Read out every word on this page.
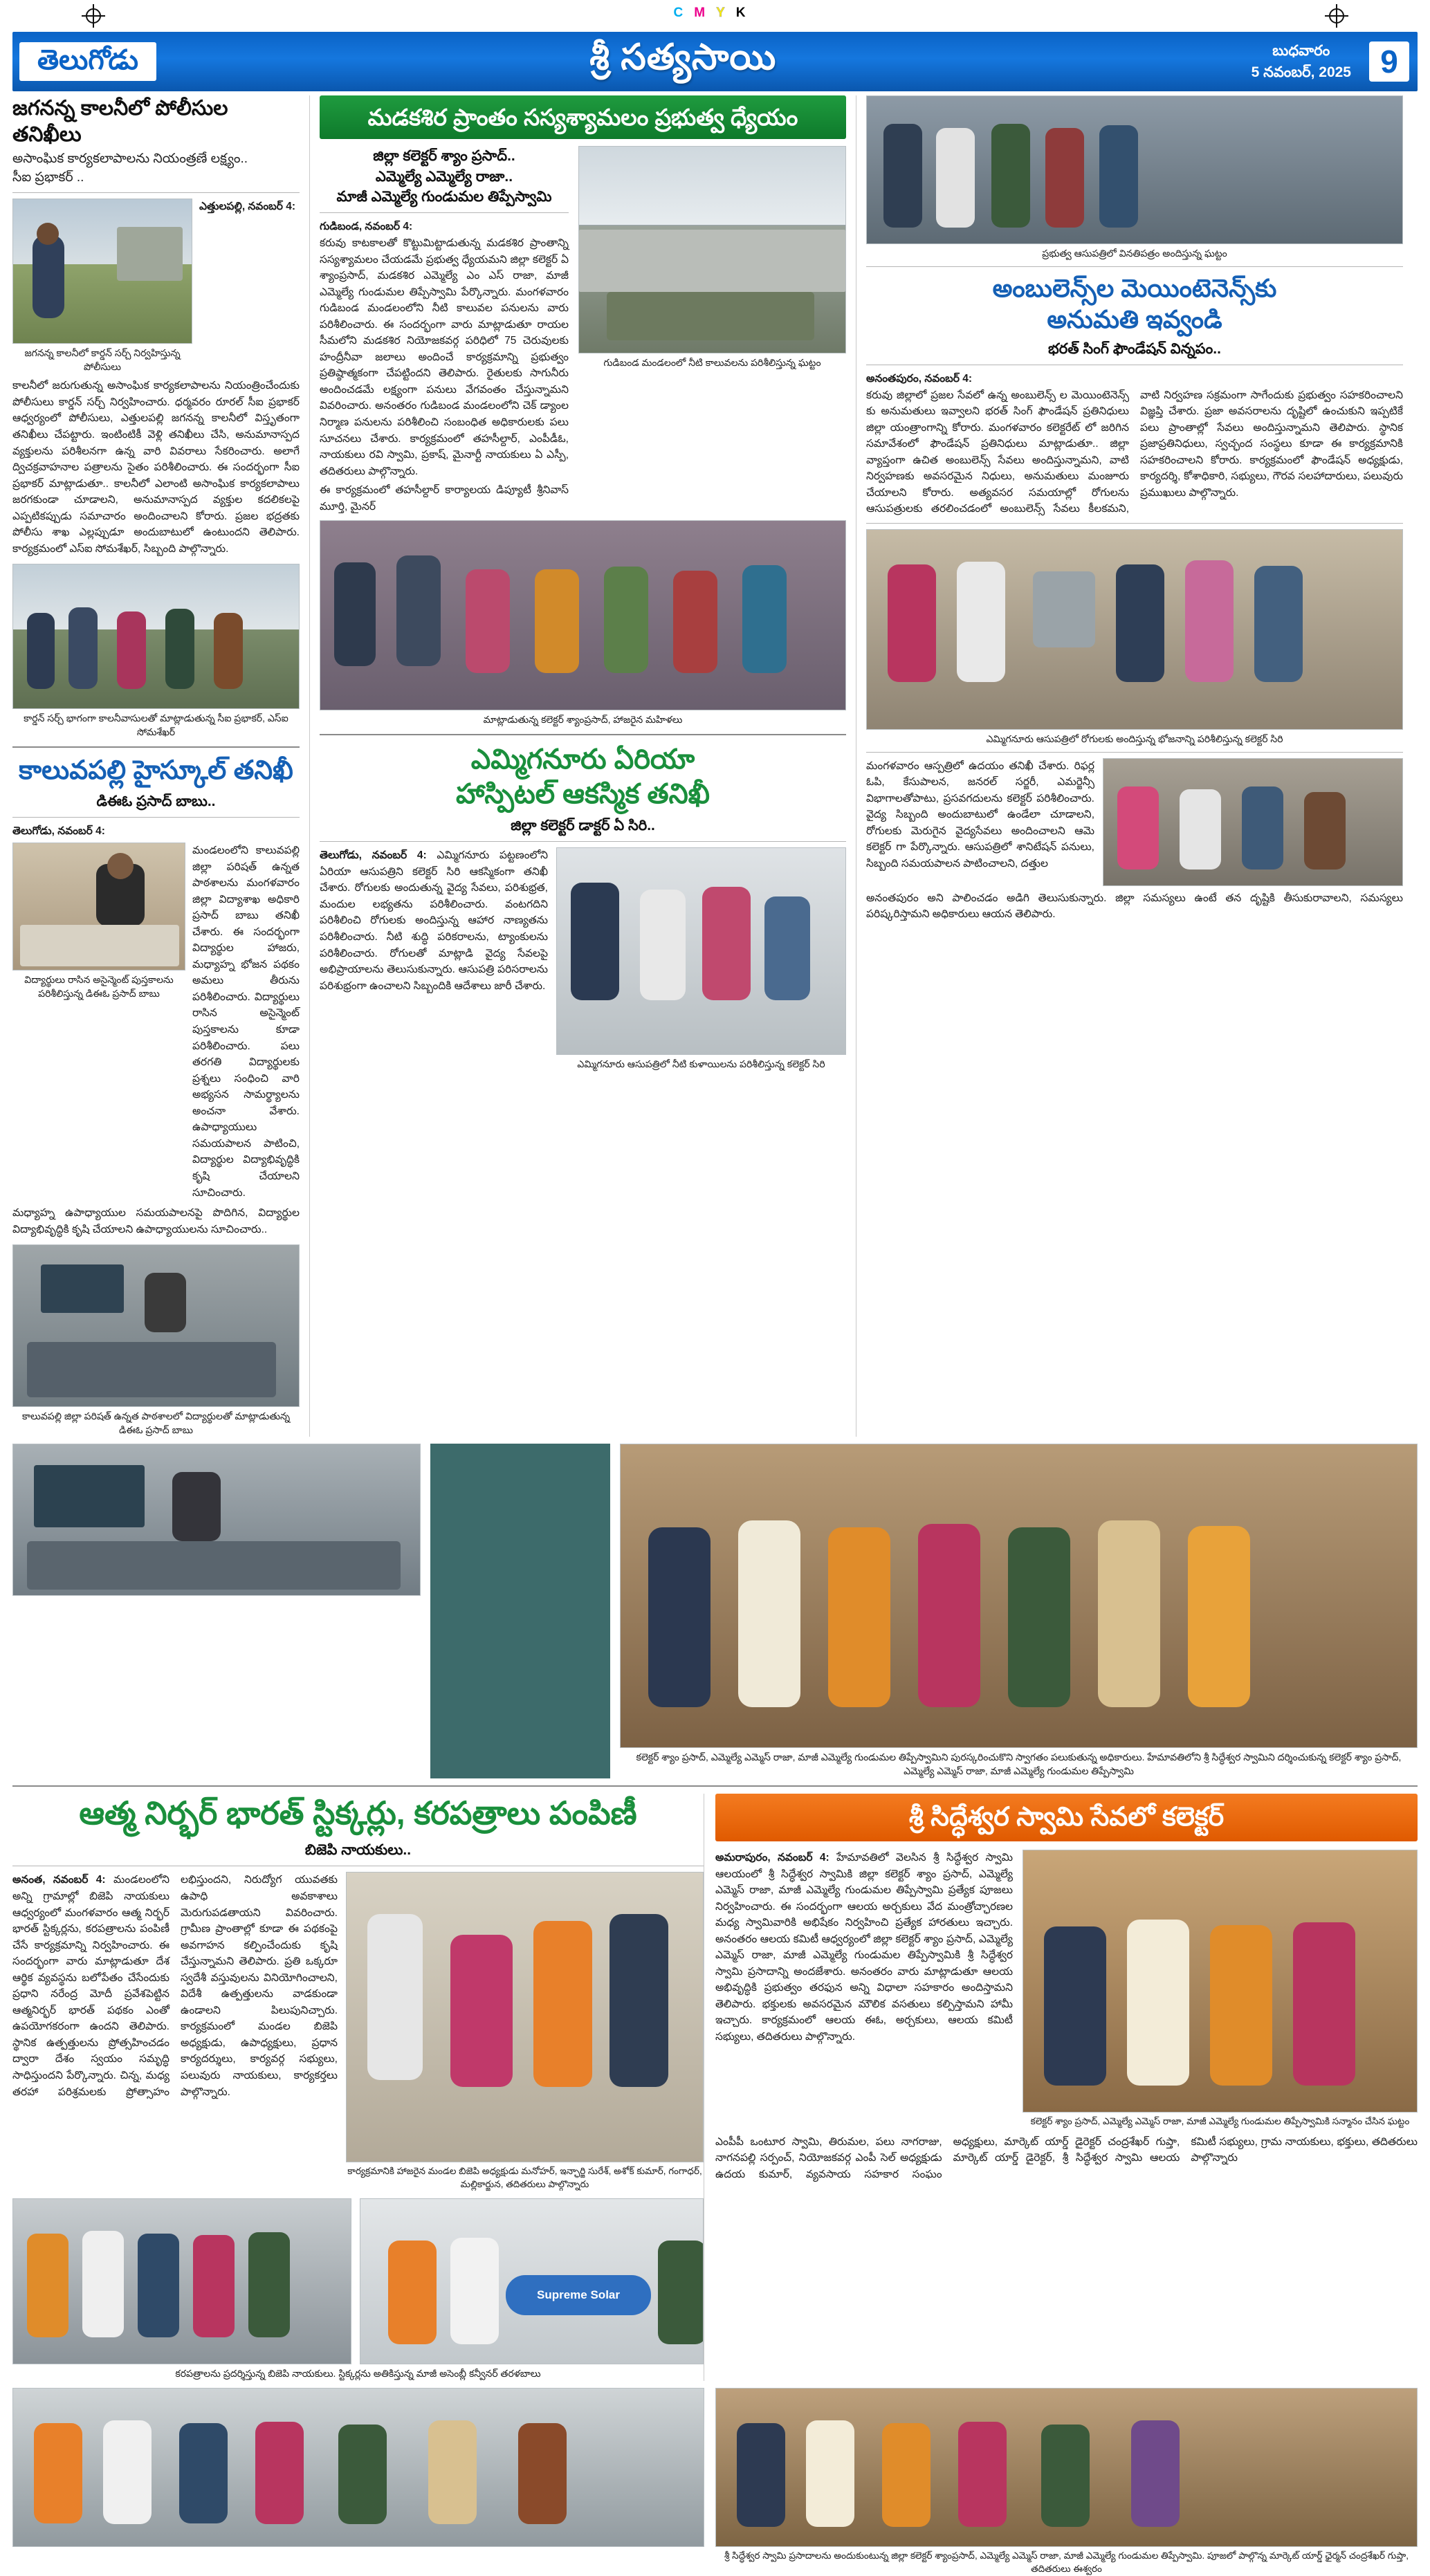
CMYK
తెలుగోడు	శ్రీ సత్యసాయి	బుధవారం
5 నవంబర్, 2025 9
జగనన్న కాలనీలో పోలీసుల తనిఖీలు
అసాంఘిక కార్యకలాపాలను నియంత్రణే లక్ష్యం..
సీఐ ప్రభాకర్ ..
జగనన్న కాలనీలో కార్డన్ సర్చ్ నిర్వహిస్తున్న పోలీసులు
ఎత్తులపల్లి, నవంబర్ 4:
కాలనీలో జరుగుతున్న అసాంఘిక కార్యకలాపాలను నియంత్రించేందుకు పోలీసులు కార్డన్ సర్చ్ నిర్వహించారు. ధర్మవరం రూరల్ సీఐ ప్రభాకర్ ఆధ్వర్యంలో పోలీసులు, ఎత్తులపల్లి జగనన్న కాలనీలో విస్తృతంగా తనిఖీలు చేపట్టారు. ఇంటింటికీ వెళ్లి తనిఖీలు చేసి, అనుమానాస్పద వ్యక్తులను పరిశీలనగా ఉన్న వారి వివరాలు సేకరించారు. అలాగే ద్విచక్రవాహనాల పత్రాలను సైతం పరిశీలించారు. ఈ సందర్భంగా సీఐ ప్రభాకర్ మాట్లాడుతూ.. కాలనీలో ఎలాంటి అసాంఘిక కార్యకలాపాలు జరగకుండా చూడాలని, అనుమానాస్పద వ్యక్తుల కదలికలపై ఎప్పటికప్పుడు సమాచారం అందించాలని కోరారు. ప్రజల భద్రతకు పోలీసు శాఖ ఎల్లప్పుడూ అందుబాటులో ఉంటుందని తెలిపారు. కార్యక్రమంలో ఎస్ఐ సోమశేఖర్, సిబ్బంది పాల్గొన్నారు.
కార్డన్ సర్చ్ భాగంగా కాలనీవాసులతో మాట్లాడుతున్న సీఐ ప్రభాకర్, ఎస్ఐ సోమశేఖర్
కాలువపల్లి హైస్కూల్ తనిఖీ
డిఈఓ ప్రసాద్ బాబు..
తెలుగోడు, నవంబర్ 4:
విద్యార్థులు రాసిన అసైన్మెంట్ పుస్తకాలను పరిశీలిస్తున్న డిఈఓ ప్రసాద్ బాబు
మండలంలోని కాలువపల్లి జిల్లా పరిషత్ ఉన్నత పాఠశాలను మంగళవారం జిల్లా విద్యాశాఖ అధికారి ప్రసాద్ బాబు తనిఖీ చేశారు. ఈ సందర్భంగా విద్యార్థుల హాజరు, మధ్యాహ్న భోజన పథకం అమలు తీరును పరిశీలించారు. విద్యార్థులు రాసిన అసైన్మెంట్ పుస్తకాలను కూడా పరిశీలించారు. పలు తరగతి విద్యార్థులకు ప్రశ్నలు సంధించి వారి అభ్యసన సామర్థ్యాలను అంచనా వేశారు. ఉపాధ్యాయులు సమయపాలన పాటించి, విద్యార్థుల విద్యాభివృద్ధికి కృషి చేయాలని సూచించారు.
మధ్యాహ్న ఉపాధ్యాయుల సమయపాలనపై పొదిగిన, విద్యార్థుల విద్యాభివృద్ధికి కృషి చేయాలని ఉపాధ్యాయులను సూచించారు..
కాలువపల్లి జిల్లా పరిషత్ ఉన్నత పాఠశాలలో విద్యార్థులతో మాట్లాడుతున్న డిఈఓ ప్రసాద్ బాబు
మడకశిర ప్రాంతం సస్యశ్యామలం ప్రభుత్వ ధ్యేయం
జిల్లా కలెక్టర్ శ్యాం ప్రసాద్..
ఎమ్మెల్యే ఎమ్మెల్యే రాజా..
మాజీ ఎమ్మెల్యే గుండుమల తిప్పేస్వామి
గుడిబండ, నవంబర్ 4:
కరువు కాటకాలతో కొట్టుమిట్టాడుతున్న మడకశిర ప్రాంతాన్ని సస్యశ్యామలం చేయడమే ప్రభుత్వ ధ్యేయమని జిల్లా కలెక్టర్ ఏ శ్యాంప్రసాద్, మడకశిర ఎమ్మెల్యే ఎం ఎస్ రాజా, మాజీ ఎమ్మెల్యే గుండుమల తిప్పేస్వామి పేర్కొన్నారు. మంగళవారం గుడిబండ మండలంలోని నీటి కాలువల పనులను వారు పరిశీలించారు. ఈ సందర్భంగా వారు మాట్లాడుతూ రాయల సీమలోని మడకశిర నియోజకవర్గ పరిధిలో 75 చెరువులకు హంద్రీనీవా జలాలు అందించే కార్యక్రమాన్ని ప్రభుత్వం ప్రతిష్ఠాత్మకంగా చేపట్టిందని తెలిపారు. రైతులకు సాగునీరు అందించడమే లక్ష్యంగా పనులు వేగవంతం చేస్తున్నామని వివరించారు. అనంతరం గుడిబండ మండలంలోని చెక్ డ్యాంల నిర్మాణ పనులను పరిశీలించి సంబంధిత అధికారులకు పలు సూచనలు చేశారు. కార్యక్రమంలో తహసీల్దార్, ఎంపీడీఓ, నాయకులు రవి స్వామి, ప్రకాష్, మైనార్టీ నాయకులు ఏ ఎస్పీ, తదితరులు పాల్గొన్నారు.
ఈ కార్యక్రమంలో తహసీల్దార్ కార్యాలయ డిప్యూటీ శ్రీనివాస్ మూర్తి, మైనర్
గుడిబండ మండలంలో నీటి కాలువలను పరిశీలిస్తున్న ఘట్టం
మాట్లాడుతున్న కలెక్టర్ శ్యాంప్రసాద్, హాజరైన మహిళలు
ఎమ్మిగనూరు ఏరియా
హాస్పిటల్ ఆకస్మిక తనిఖీ
జిల్లా కలెక్టర్ డాక్టర్ ఏ సిరి..
తెలుగోడు, నవంబర్ 4: ఎమ్మిగనూరు పట్టణంలోని ఏరియా ఆసుపత్రిని కలెక్టర్ సిరి ఆకస్మికంగా తనిఖీ చేశారు. రోగులకు అందుతున్న వైద్య సేవలు, పరిశుభ్రత, మందుల లభ్యతను పరిశీలించారు. వంటగదిని పరిశీలించి రోగులకు అందిస్తున్న ఆహార నాణ్యతను పరిశీలించారు. నీటి శుద్ధి పరికరాలను, ట్యాంకులను పరిశీలించారు. రోగులతో మాట్లాడి వైద్య సేవలపై అభిప్రాయాలను తెలుసుకున్నారు. ఆసుపత్రి పరిసరాలను పరిశుభ్రంగా ఉంచాలని సిబ్బందికి ఆదేశాలు జారీ చేశారు.
ఎమ్మిగనూరు ఆసుపత్రిలో నీటి కుళాయిలను పరిశీలిస్తున్న కలెక్టర్ సిరి
ప్రభుత్వ ఆసుపత్రిలో వినతిపత్రం అందిస్తున్న ఘట్టం
అంబులెన్స్‌ల మెయింటెనెన్స్‌కు
అనుమతి ఇవ్వండి
భరత్ సింగ్ ఫౌండేషన్ విన్నపం..
అనంతపురం, నవంబర్ 4:
కరువు జిల్లాలో ప్రజల సేవలో ఉన్న అంబులెన్స్ ల మెయింటెనెన్స్ కు అనుమతులు ఇవ్వాలని భరత్ సింగ్ ఫౌండేషన్ ప్రతినిధులు జిల్లా యంత్రాంగాన్ని కోరారు. మంగళవారం కలెక్టరేట్ లో జరిగిన సమావేశంలో ఫౌండేషన్ ప్రతినిధులు మాట్లాడుతూ.. జిల్లా వ్యాప్తంగా ఉచిత అంబులెన్స్ సేవలు అందిస్తున్నామని, వాటి నిర్వహణకు అవసరమైన నిధులు, అనుమతులు మంజూరు చేయాలని కోరారు. అత్యవసర సమయాల్లో రోగులను ఆసుపత్రులకు తరలించడంలో అంబులెన్స్ సేవలు కీలకమని, వాటి నిర్వహణ సక్రమంగా సాగేందుకు ప్రభుత్వం సహకరించాలని విజ్ఞప్తి చేశారు. ప్రజా అవసరాలను దృష్టిలో ఉంచుకుని ఇప్పటికే పలు ప్రాంతాల్లో సేవలు అందిస్తున్నామని తెలిపారు. స్థానిక ప్రజాప్రతినిధులు, స్వచ్ఛంద సంస్థలు కూడా ఈ కార్యక్రమానికి సహకరించాలని కోరారు. కార్యక్రమంలో ఫౌండేషన్ అధ్యక్షుడు, కార్యదర్శి, కోశాధికారి, సభ్యులు, గౌరవ సలహాదారులు, పలువురు ప్రముఖులు పాల్గొన్నారు.
ఎమ్మిగనూరు ఆసుపత్రిలో రోగులకు అందిస్తున్న భోజనాన్ని పరిశీలిస్తున్న కలెక్టర్ సిరి
మంగళవారం ఆస్పత్రిలో ఉదయం తనిఖీ చేశారు. రిఫర్ల ఓపి, కేసుపాలన, జనరల్ సర్జరీ, ఎమర్జెన్సీ విభాగాలతోపాటు, ప్రసవగదులను కలెక్టర్ పరిశీలించారు. వైద్య సిబ్బంది అందుబాటులో ఉండేలా చూడాలని, రోగులకు మెరుగైన వైద్యసేవలు అందించాలని ఆమె కలెక్టర్ గా పేర్కొన్నారు. ఆసుపత్రిలో శానిటేషన్ పనులు, సిబ్బంది సమయపాలన పాటించాలని, దత్తుల
అనంతపురం అని పాలించడం అడిగి తెలుసుకున్నారు. జిల్లా సమస్యలు ఉంటే తన దృష్టికి తీసుకురావాలని, సమస్యలు పరిష్కరిస్తామని అధికారులు ఆయన తెలిపారు.
కలెక్టర్ శ్యాం ప్రసాద్, ఎమ్మెల్యే ఎమ్మెస్ రాజా, మాజీ ఎమ్మెల్యే గుండుమల తిప్పేస్వామిని పురస్కరించుకొని స్వాగతం పలుకుతున్న అధికారులు. హేమావతిలోని శ్రీ సిద్ధేశ్వర స్వామిని దర్శించుకున్న కలెక్టర్ శ్యాం ప్రసాద్, ఎమ్మెల్యే ఎమ్మెస్ రాజా, మాజీ ఎమ్మెల్యే గుండుమల తిప్పేస్వామి
ఆత్మ నిర్భర్ భారత్ స్టిక్కర్లు, కరపత్రాలు పంపిణీ
బిజెపి నాయకులు..
అనంత, నవంబర్ 4: మండలంలోని అన్ని గ్రామాల్లో బిజెపి నాయకులు ఆధ్వర్యంలో మంగళవారం ఆత్మ నిర్భర్ భారత్ స్టిక్కర్లను, కరపత్రాలను పంపిణీ చేసే కార్యక్రమాన్ని నిర్వహించారు. ఈ సందర్భంగా వారు మాట్లాడుతూ దేశ ఆర్థిక వ్యవస్థను బలోపేతం చేసేందుకు ప్రధాని నరేంద్ర మోదీ ప్రవేశపెట్టిన ఆత్మనిర్భర్ భారత్ పథకం ఎంతో ఉపయోగకరంగా ఉందని తెలిపారు. స్థానిక ఉత్పత్తులను ప్రోత్సహించడం ద్వారా దేశం స్వయం సమృద్ధి సాధిస్తుందని పేర్కొన్నారు. చిన్న, మధ్య తరహా పరిశ్రమలకు ప్రోత్సాహం లభిస్తుందని, నిరుద్యోగ యువతకు ఉపాధి అవకాశాలు మెరుగుపడతాయని వివరించారు. గ్రామీణ ప్రాంతాల్లో కూడా ఈ పథకంపై అవగాహన కల్పించేందుకు కృషి చేస్తున్నామని తెలిపారు. ప్రతి ఒక్కరూ స్వదేశీ వస్తువులను వినియోగించాలని, విదేశీ ఉత్పత్తులను వాడకుండా ఉండాలని పిలుపునిచ్చారు. కార్యక్రమంలో మండల బిజెపి అధ్యక్షుడు, ఉపాధ్యక్షులు, ప్రధాన కార్యదర్శులు, కార్యవర్గ సభ్యులు, పలువురు నాయకులు, కార్యకర్తలు పాల్గొన్నారు.
కార్యక్రమానికి హాజరైన మండల బిజెపి అధ్యక్షుడు మనోహర్, ఇన్ఛార్జి సురేశ్, అశోక్ కుమార్, గంగాధర్, మల్లికార్జున, తదితరులు పాల్గొన్నారు
Supreme Solar
కరపత్రాలను ప్రదర్శిస్తున్న బిజెపి నాయకులు. స్టిక్కర్లను అతికిస్తున్న మాజీ అసెంబ్లీ కన్వీనర్ తరళబాలు
శ్రీ సిద్ధేశ్వర స్వామి సేవలో కలెక్టర్
అమరాపురం, నవంబర్ 4: హేమావతిలో వెలసిన శ్రీ సిద్ధేశ్వర స్వామి ఆలయంలో శ్రీ సిద్ధేశ్వర స్వామికి జిల్లా కలెక్టర్ శ్యాం ప్రసాద్, ఎమ్మెల్యే ఎమ్మెస్ రాజా, మాజీ ఎమ్మెల్యే గుండుమల తిప్పేస్వామి ప్రత్యేక పూజలు నిర్వహించారు. ఈ సందర్భంగా ఆలయ అర్చకులు వేద మంత్రోచ్ఛారణల మధ్య స్వామివారికి అభిషేకం నిర్వహించి ప్రత్యేక హారతులు ఇచ్చారు. అనంతరం ఆలయ కమిటీ ఆధ్వర్యంలో జిల్లా కలెక్టర్ శ్యాం ప్రసాద్, ఎమ్మెల్యే ఎమ్మెస్ రాజా, మాజీ ఎమ్మెల్యే గుండుమల తిప్పేస్వామికి శ్రీ సిద్ధేశ్వర స్వామి ప్రసాదాన్ని అందజేశారు. అనంతరం వారు మాట్లాడుతూ ఆలయ అభివృద్ధికి ప్రభుత్వం తరఫున అన్ని విధాలా సహకారం అందిస్తామని తెలిపారు. భక్తులకు అవసరమైన మౌలిక వసతులు కల్పిస్తామని హామీ ఇచ్చారు. కార్యక్రమంలో ఆలయ ఈఓ, అర్చకులు, ఆలయ కమిటీ సభ్యులు, తదితరులు పాల్గొన్నారు.
కలెక్టర్ శ్యాం ప్రసాద్, ఎమ్మెల్యే ఎమ్మెస్ రాజా, మాజీ ఎమ్మెల్యే గుండుమల తిప్పేస్వామికి సన్మానం చేసిన ఘట్టం
ఎంపీపీ ఒంటూర స్వామి, తిరుమల, పలు నాగరాజు, నాగనపల్లి సర్పంచ్, నియోజకవర్గ ఎంపీ సెల్ అధ్యక్షుడు ఉదయ కుమార్, వ్యవసాయ సహకార సంఘం అధ్యక్షులు, మార్కెట్ యార్డ్ డైరెక్టర్ చంద్రశేఖర్ గుప్తా, మార్కెట్ యార్డ్ డైరెక్టర్, శ్రీ సిద్ధేశ్వర స్వామి ఆలయ కమిటీ సభ్యులు, గ్రామ నాయకులు, భక్తులు, తదితరులు పాల్గొన్నారు
శ్రీ సిద్ధేశ్వర స్వామి ప్రసాదాలను అందుకుంటున్న జిల్లా కలెక్టర్ శ్యాంప్రసాద్, ఎమ్మెల్యే ఎమ్మెస్ రాజా, మాజీ ఎమ్మెల్యే గుండుమల తిప్పేస్వామి. పూజలో పాల్గొన్న మార్కెట్ యార్డ్ ఛైర్మన్ చంద్రశేఖర్ గుప్తా, తదితరులు ఈశ్వరం
